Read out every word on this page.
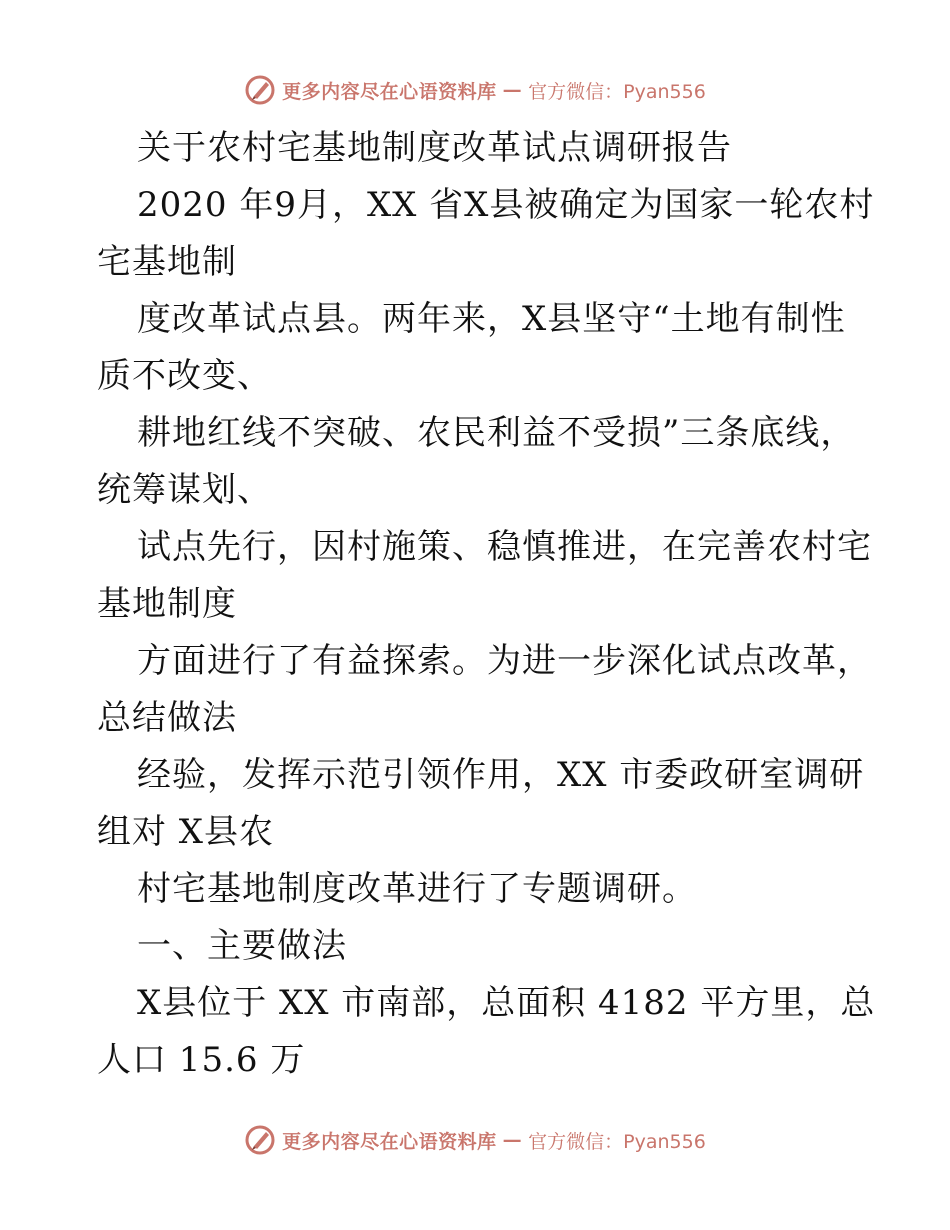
更多内容尽在心语资料库 — 官方微信：Pyan556
关于农村宅基地制度改革试点调研报告
2020 年9月，XX 省X县被确定为国家一轮农村
宅基地制
度改革试点县。两年来，X县坚守“土地有制性
质不改变、
耕地红线不突破、农民利益不受损”三条底线，
统筹谋划、
试点先行，因村施策、稳慎推进，在完善农村宅
基地制度
方面进行了有益探索。为进一步深化试点改革，
总结做法
经验，发挥示范引领作用，XX 市委政研室调研
组对 X县农
村宅基地制度改革进行了专题调研。
一、主要做法
X县位于 XX 市南部，总面积 4182 平方里，总
人口 15.6 万
更多内容尽在心语资料库 — 官方微信：Pyan556
